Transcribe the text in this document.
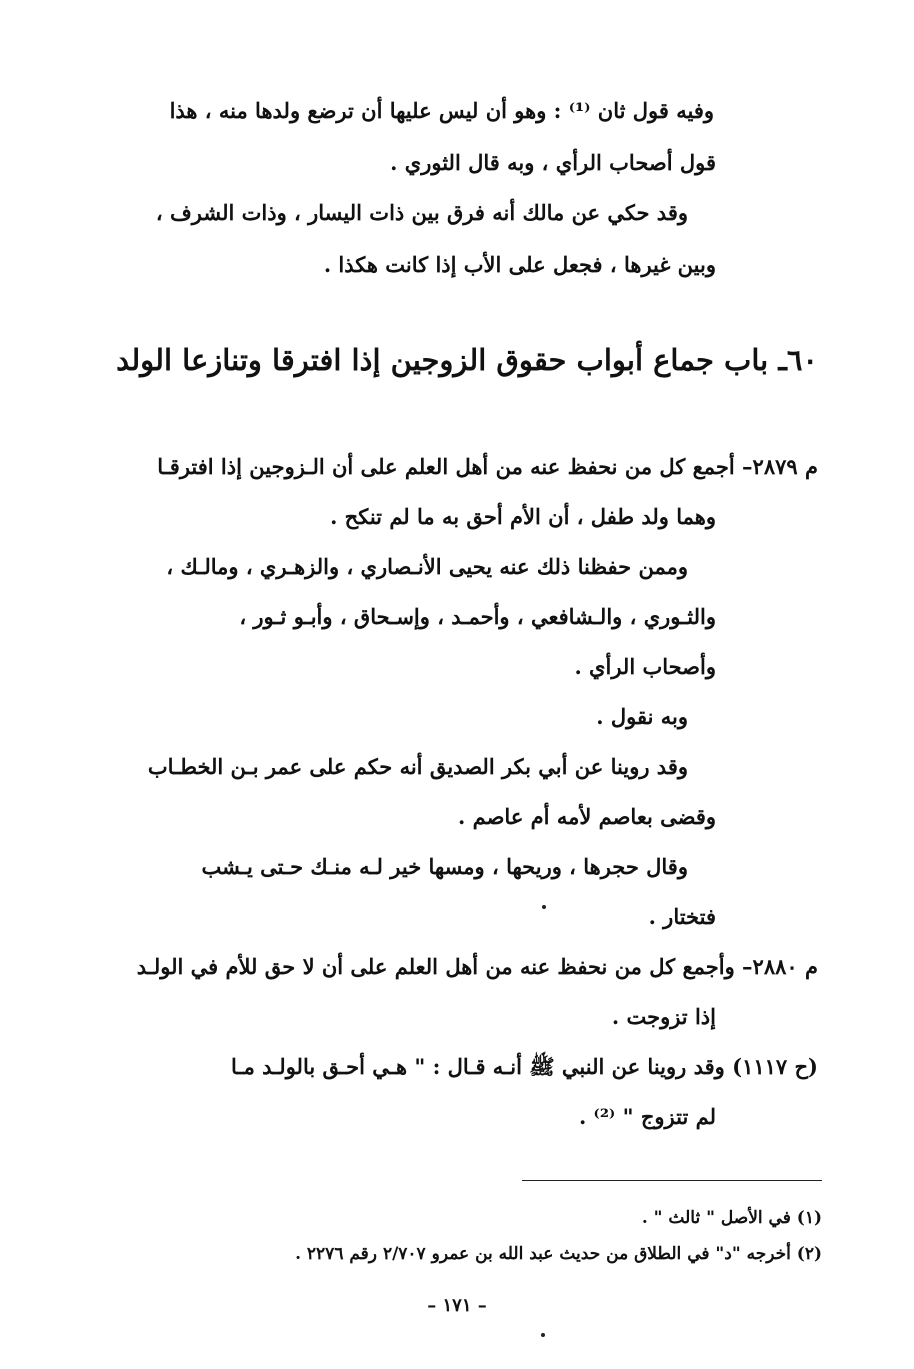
وفيه قول ثان ⁽¹⁾ : وهو أن ليس عليها أن ترضع ولدها منه ، هذا
قول أصحاب الرأي ، وبه قال الثوري .
وقد حكي عن مالك أنه فرق بين ذات اليسار ، وذات الشرف ،
وبين غيرها ، فجعل على الأب إذا كانت هكذا .
م ٢٨٧٩– أجمع كل من نحفظ عنه من أهل العلم على أن الـزوجين إذا افترقـا
وهما ولد طفل ، أن الأم أحق به ما لم تنكح .
وممن حفظنا ذلك عنه يحيى الأنـصاري ، والزهـري ، ومالـك ،
والثـوري ، والـشافعي ، وأحمـد ، وإسـحاق ، وأبـو ثـور ،
وأصحاب الرأي .
وبه نقول .
وقد روينا عن أبي بكر الصديق أنه حكم على عمر بـن الخطـاب
وقضى بعاصم لأمه أم عاصم .
وقال حجرها ، وريحها ، ومسها خير لـه منـك حـتى يـشب
فتختار .
م ٢٨٨٠– وأجمع كل من نحفظ عنه من أهل العلم على أن لا حق للأم في الولـد
إذا تزوجت .
(ح ١١١٧) وقد روينا عن النبي ﷺ أنـه قـال : " هـي أحـق بالولـد مـا
لم تتزوج " ⁽²⁾ .
٦٠ـ باب جماع أبواب حقوق الزوجين إذا افترقا وتنازعا الولد
(١) في الأصل " ثالث " .
(٢) أخرجه "د" في الطلاق من حديث عبد الله بن عمرو ٢/٧٠٧ رقم ٢٢٧٦ .
– ١٧١ –
